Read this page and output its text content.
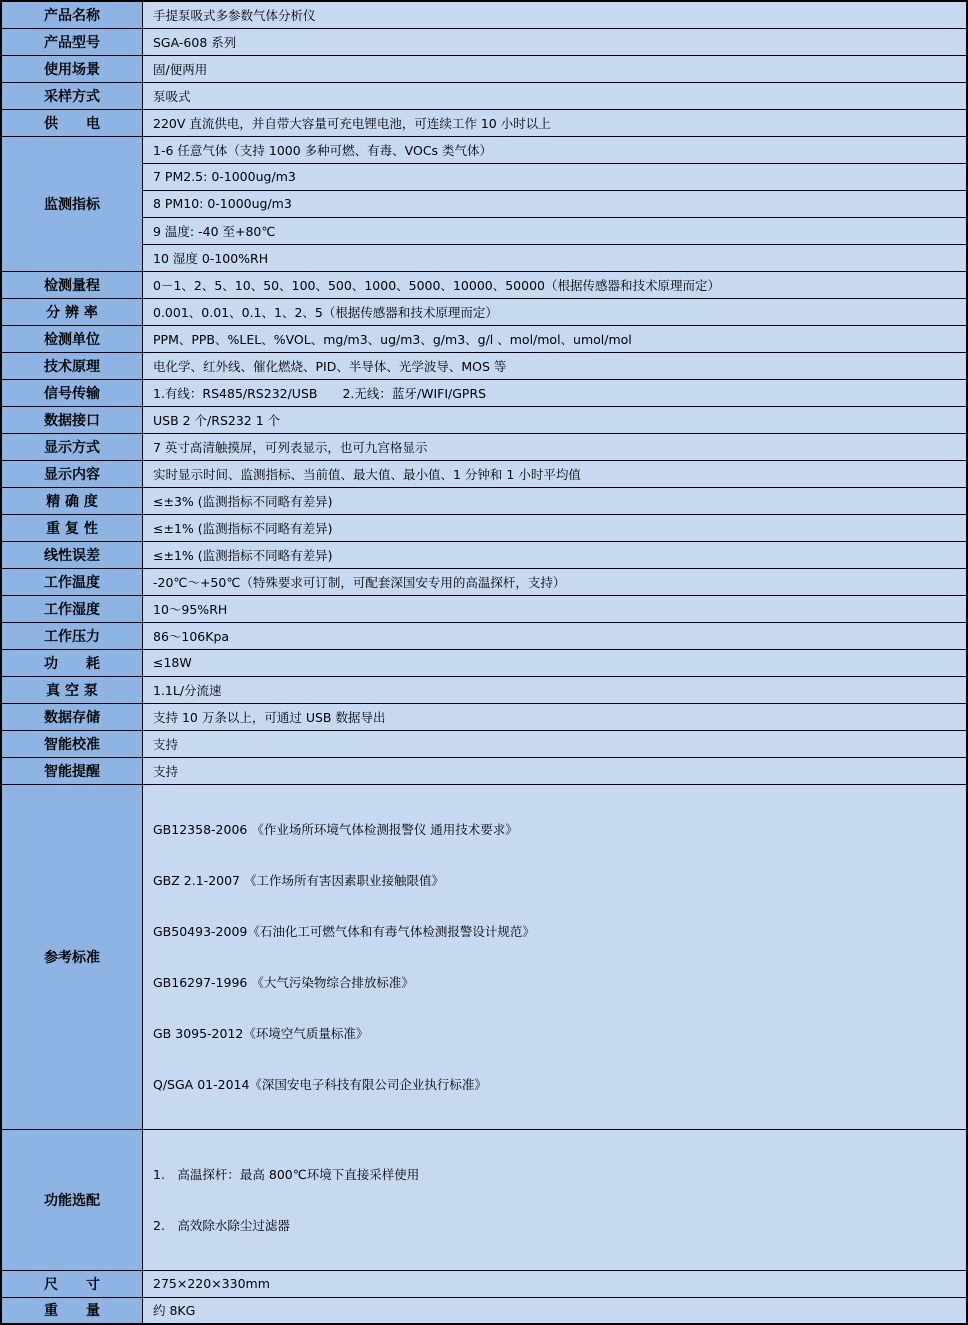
产品名称	手提泵吸式多参数气体分析仪
产品型号	SGA-608 系列
使用场景	固/便两用
采样方式	泵吸式
供　　电	220V 直流供电，并自带大容量可充电锂电池，可连续工作 10 小时以上
监测指标	1-6 任意气体（支持 1000 多种可燃、有毒、VOCs 类气体）
	7 PM2.5: 0-1000ug/m3
	8 PM10: 0-1000ug/m3
	9 温度: -40 至+80℃
	10 湿度 0-100%RH
检测量程	0－1、2、5、10、50、100、500、1000、5000、10000、50000（根据传感器和技术原理而定）
分 辨 率	0.001、0.01、0.1、1、2、5（根据传感器和技术原理而定）
检测单位	PPM、PPB、%LEL、%VOL、mg/m3、ug/m3、g/m3、g/l 、mol/mol、umol/mol
技术原理	电化学、红外线、催化燃烧、PID、半导体、光学波导、MOS 等
信号传输	1.有线：RS485/RS232/USB　　2.无线：蓝牙/WIFI/GPRS
数据接口	USB 2 个/RS232 1 个
显示方式	7 英寸高清触摸屏，可列表显示，也可九宫格显示
显示内容	实时显示时间、监测指标、当前值、最大值、最小值、1 分钟和 1 小时平均值
精 确 度	≤±3% (监测指标不同略有差异)
重 复 性	≤±1% (监测指标不同略有差异)
线性误差	≤±1% (监测指标不同略有差异)
工作温度	-20℃～+50℃（特殊要求可订制，可配套深国安专用的高温探杆，支持）
工作湿度	10～95%RH
工作压力	86～106Kpa
功　　耗	≤18W
真 空 泵	1.1L/分流速
数据存储	支持 10 万条以上，可通过 USB 数据导出
智能校准	支持
智能提醒	支持
参考标准	

GB12358-2006 《作业场所环境气体检测报警仪 通用技术要求》

GBZ 2.1-2007 《工作场所有害因素职业接触限值》

GB50493-2009《石油化工可燃气体和有毒气体检测报警设计规范》

GB16297-1996 《大气污染物综合排放标准》

GB 3095-2012《环境空气质量标准》

Q/SGA 01-2014《深国安电子科技有限公司企业执行标准》

功能选配	1.　高温探杆：最高 800℃环境下直接采样使用

2.　高效除水除尘过滤器

尺　　寸	275×220×330mm
重　　量	约 8KG
